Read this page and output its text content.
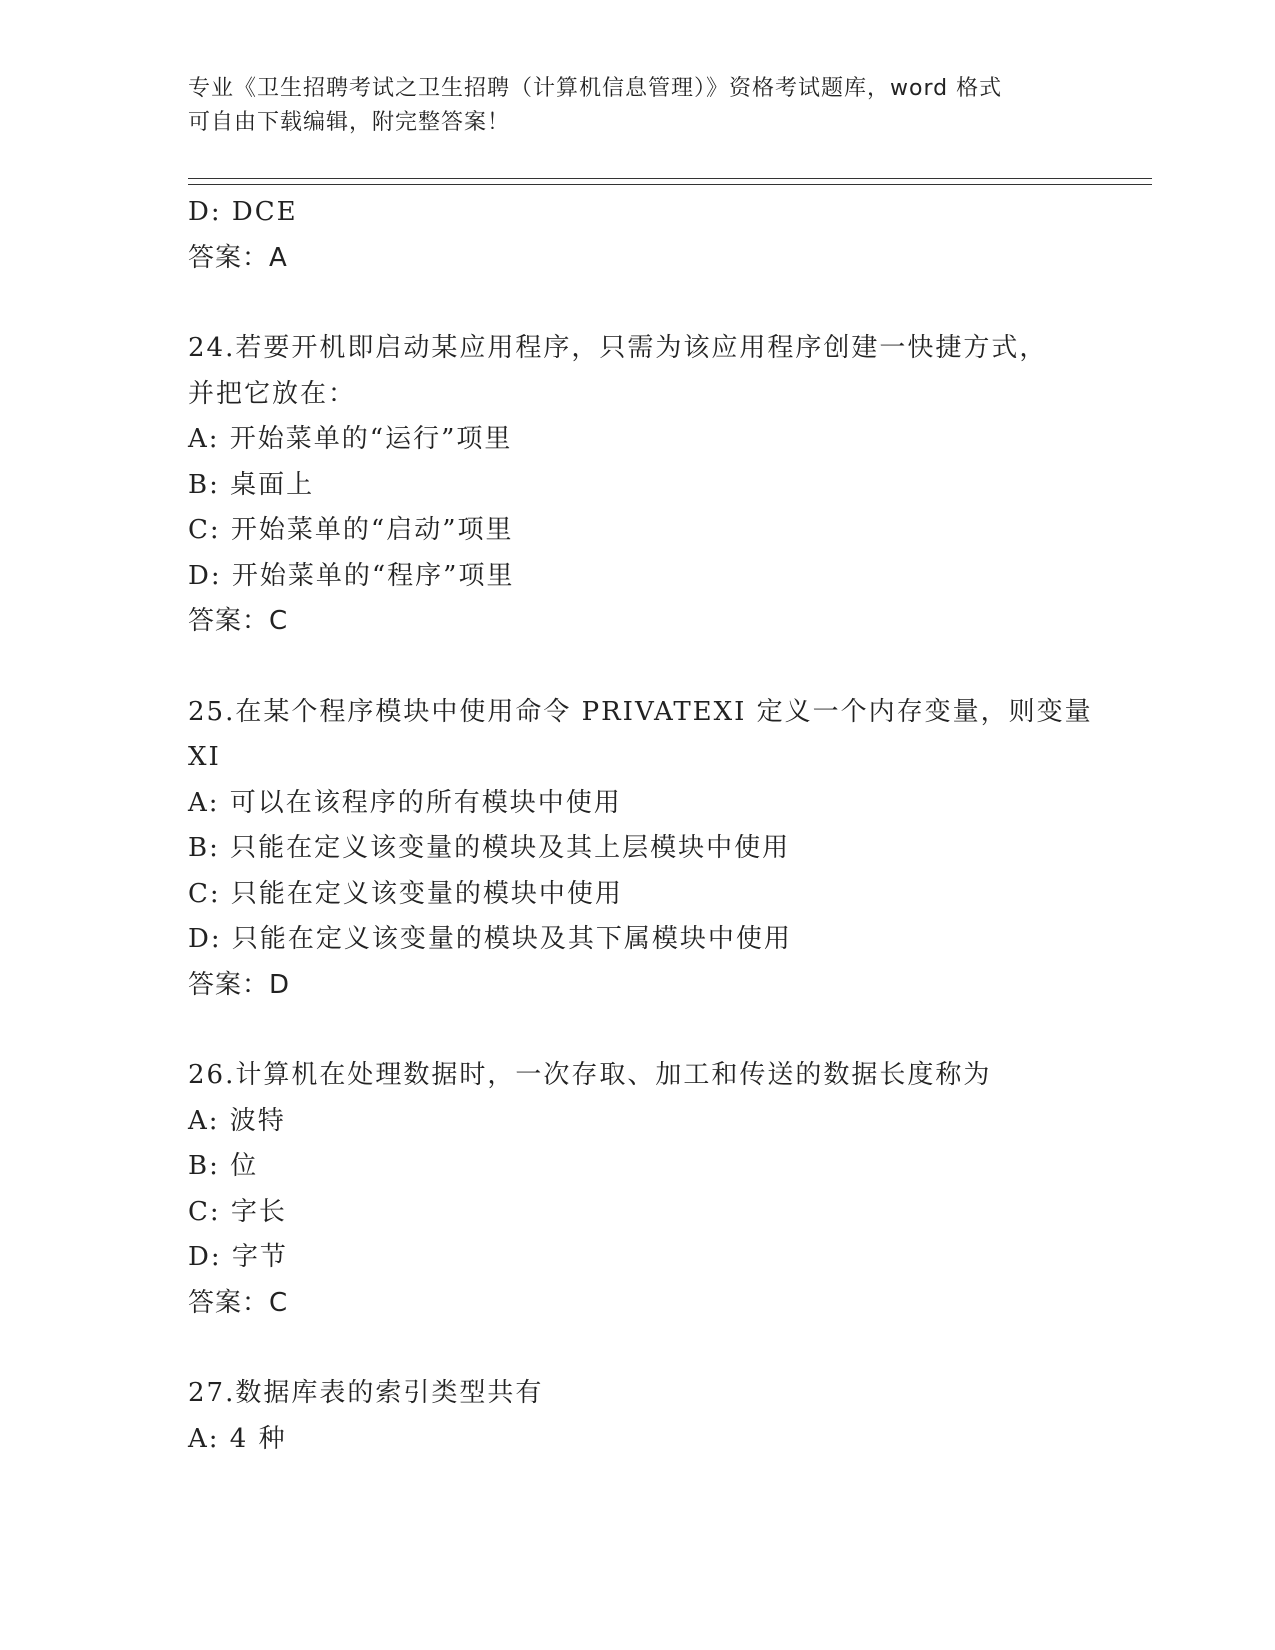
专业《卫生招聘考试之卫生招聘（计算机信息管理）》资格考试题库，word 格式
可自由下载编辑，附完整答案！
D: DCE
答案：A
24.若要开机即启动某应用程序，只需为该应用程序创建一快捷方式，
并把它放在：
A: 开始菜单的“运行”项里
B: 桌面上
C: 开始菜单的“启动”项里
D: 开始菜单的“程序”项里
答案：C
25.在某个程序模块中使用命令 PRIVATEXI 定义一个内存变量，则变量
XI
A: 可以在该程序的所有模块中使用
B: 只能在定义该变量的模块及其上层模块中使用
C: 只能在定义该变量的模块中使用
D: 只能在定义该变量的模块及其下属模块中使用
答案：D
26.计算机在处理数据时，一次存取、加工和传送的数据长度称为
A: 波特
B: 位
C: 字长
D: 字节
答案：C
27.数据库表的索引类型共有
A: 4 种
